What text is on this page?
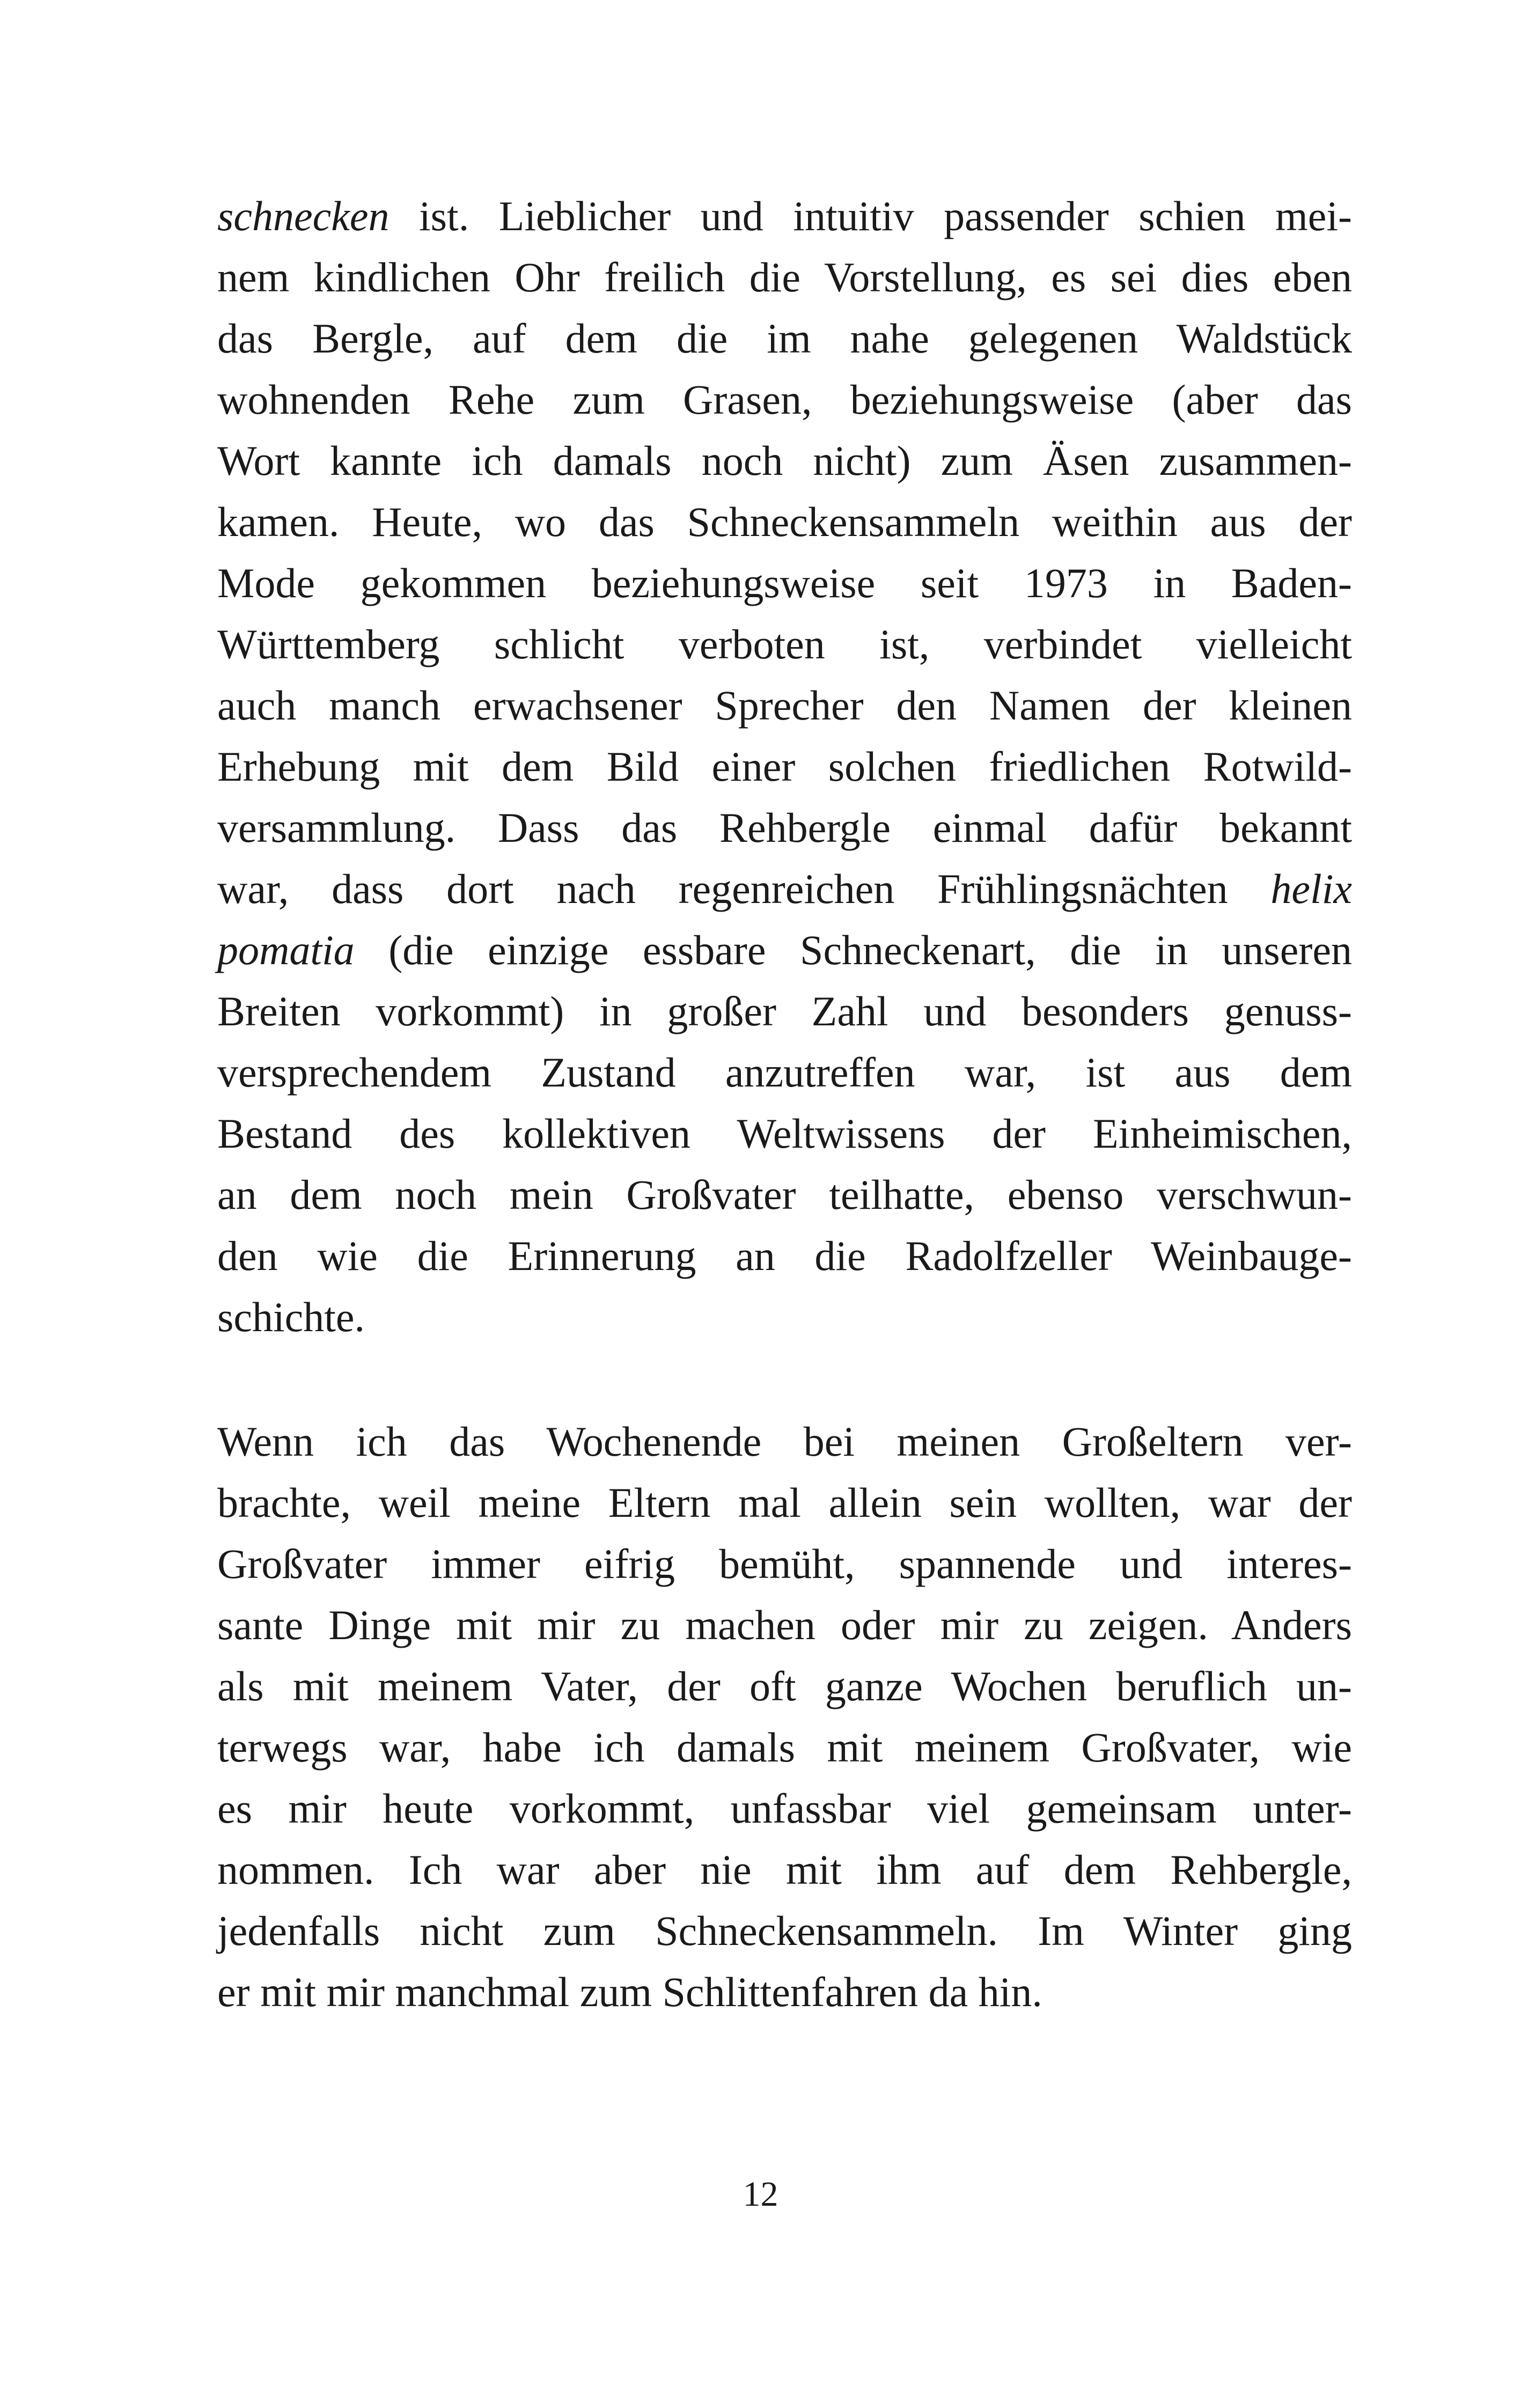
schnecken ist. Lieblicher und intuitiv passender schien mei-
nem kindlichen Ohr freilich die Vorstellung, es sei dies eben
das Bergle, auf dem die im nahe gelegenen Waldstück
wohnenden Rehe zum Grasen, beziehungsweise (aber das
Wort kannte ich damals noch nicht) zum Äsen zusammen-
kamen. Heute, wo das Schneckensammeln weithin aus der
Mode gekommen beziehungsweise seit 1973 in Baden-
Württemberg schlicht verboten ist, verbindet vielleicht
auch manch erwachsener Sprecher den Namen der kleinen
Erhebung mit dem Bild einer solchen friedlichen Rotwild-
versammlung. Dass das Rehbergle einmal dafür bekannt
war, dass dort nach regenreichen Frühlingsnächten helix
pomatia (die einzige essbare Schneckenart, die in unseren
Breiten vorkommt) in großer Zahl und besonders genuss-
versprechendem Zustand anzutreffen war, ist aus dem
Bestand des kollektiven Weltwissens der Einheimischen,
an dem noch mein Großvater teilhatte, ebenso verschwun-
den wie die Erinnerung an die Radolfzeller Weinbauge-
schichte.
Wenn ich das Wochenende bei meinen Großeltern ver-
brachte, weil meine Eltern mal allein sein wollten, war der
Großvater immer eifrig bemüht, spannende und interes-
sante Dinge mit mir zu machen oder mir zu zeigen. Anders
als mit meinem Vater, der oft ganze Wochen beruflich un-
terwegs war, habe ich damals mit meinem Großvater, wie
es mir heute vorkommt, unfassbar viel gemeinsam unter-
nommen. Ich war aber nie mit ihm auf dem Rehbergle,
jedenfalls nicht zum Schneckensammeln. Im Winter ging
er mit mir manchmal zum Schlittenfahren da hin.
12
